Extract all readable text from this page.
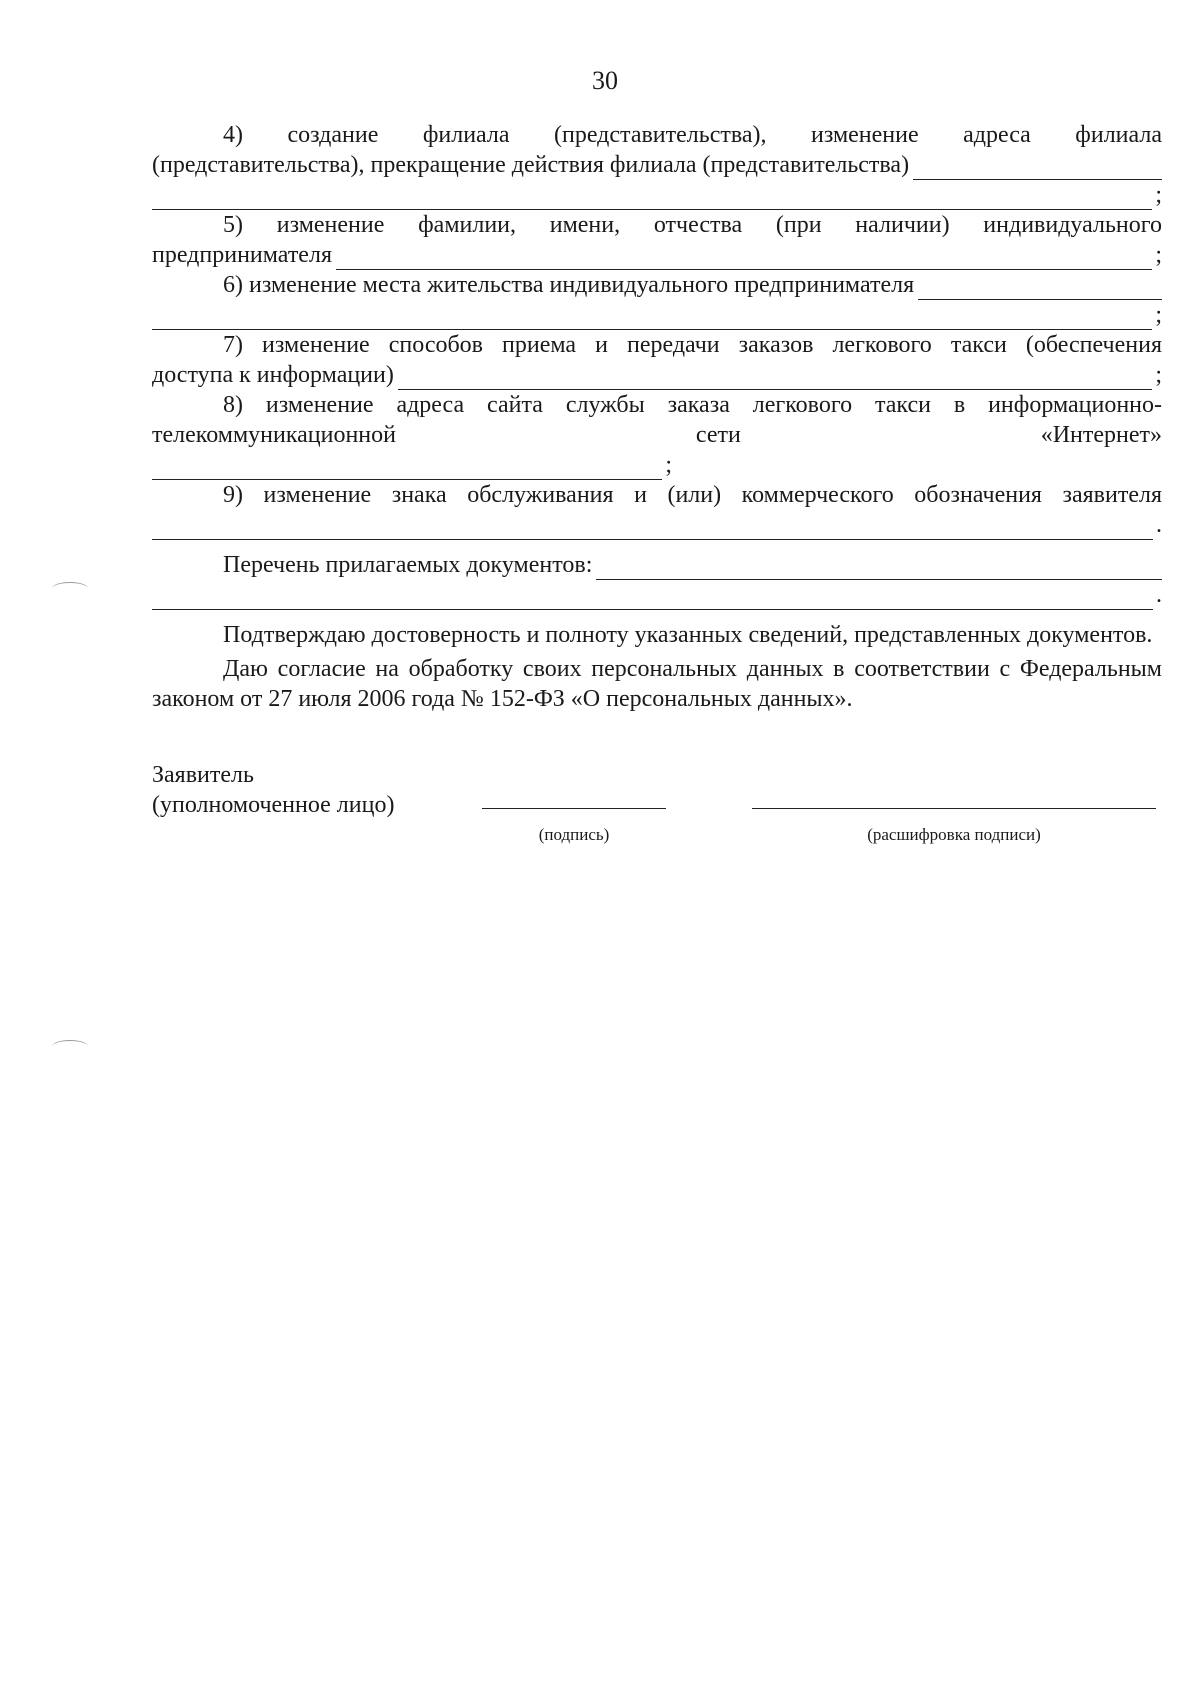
30

4) создание филиала (представительства), изменение адреса филиала

(представительства), прекращение действия филиала (представительства)
;

5) изменение фамилии, имени, отчества (при наличии) индивидуального

предпринимателя	;
6) изменение места жительства индивидуального предпринимателя
;

7) изменение способов приема и передачи заказов легкового такси (обеспечения

доступа к информации)	;

8) изменение адреса сайта службы заказа легкового такси в информационно-

телекоммуникационной сети «Интернет»

;

9) изменение знака обслуживания и (или) коммерческого обозначения заявителя

.
Перечень прилагаемых документов:
.

Подтверждаю достоверность и полноту указанных сведений, представленных документов.

Даю согласие на обработку своих персональных данных в соответствии с Федеральным законом от 27 июля 2006 года № 152-ФЗ «О персональных данных».

Заявитель
(уполномоченное лицо)
(подпись)	(расшифровка подписи)
